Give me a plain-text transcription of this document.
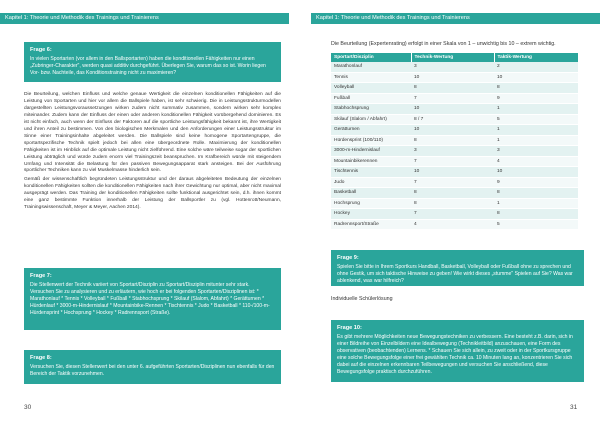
Kapitel 1: Theorie und Methodik des Trainings und Trainierens
Frage 6:
In vielen Sportarten (vor allem in den Ballsportarten) haben die konditionellen Fähigkeiten nur einen „Zubringer-Charakter", werden quasi additiv durchgeführt. Überlegen Sie, warum das so ist. Worin liegen Vor- bzw. Nachteile, das Konditionstraining nicht zu maximieren?

Die Beurteilung, welchen Einfluss und welche genaue Wertigkeit die einzelnen konditionellen Fähigkeiten auf die Leistung von Sportarten und hier vor allem die Ballspiele haben, ist sehr schwierig. Die in Leistungsstrukturmodellen dargestellten Leistungsvoraussetzungen wirken zudem nicht summativ zusammen, sondern wirken sehr komplex miteinander. Zudem kann der Einfluss der einen oder anderen konditionellen Fähigkeit vorübergehend dominieren. Es ist nicht einfach, auch wenn der Einfluss der Faktoren auf die sportliche Leistungsfähigkeit bekannt ist, ihre Wertigkeit und ihren Anteil zu bestimmen. Von den biologischen Merkmalen und den Anforderungen einer Leistungsstruktur im Sinne einer Trainingsinhalte abgeleitet werden. Die Ballspiele sind keine homogene Sportartengruppe, die sportartspezifische Technik spielt jedoch bei allen eine übergeordnete Rolle. Maximierung der konditionellen Fähigkeiten ist im Hinblick auf die optimale Leistung nicht zielführend. Eine solche wäre teilweise sogar der sportlichen Leistung abträglich und würde zudem enorm viel Trainingszeit beanspruchen. Im Krafbereich würde mit steigendem Umfang und Intensität die Belastung für den passiven Bewegungsapparat stark ansteigen. Bei der Ausführung sportlicher Techniken kann zu viel Muskelmasse hinderlich sein.

Gemäß der wissenschaftlich begründeten Leistungsstruktur und der daraus abgeleiteten Bedeutung der einzelnen konditionellen Fähigkeiten sollten die konditionellen Fähigkeiten nach ihrer Gewichtung nur optimal, aber nicht maximal ausgeprägt werden. Das Training der konditionellen Fähigkeiten sollte funktional ausgerichtet sein, d.h. ihnen kommt eine ganz bestimmte Funktion innerhalb der Leistung der Ballsportler zu (vgl. Hottenrott/Neumann, Trainingswissenschaft, Meyer & Meyer, Aachen 2014).

Frage 7:
Die Stellenwert der Technik variiert von Sportart/Disziplin zu Sportart/Disziplin mitunter sehr stark. Versuchen Sie zu analysieren und zu erläutern, wie hoch er bei folgenden Sportarten/Disziplinen ist: * Marathonlauf * Tennis * Volleyball * Fußball * Stabhochsprung * Skilauf (Slalom, Abfahrt) * Gerätturnen * Hürdenlauf * 3000-m-Hindernislauf * Mountainbike-Rennen * Tischtennis * Judo * Basketball * 110-/100-m- Hürdensprint * Hochsprung * Hockey * Radrennsport (Straße).
Frage 8:
Versuchen Sie, diesen Stellenwert bei den unter 6. aufgeführten Sportarten/Disziplinen nun ebenfalls für den Bereich der Taktik vorzunehmen.
30
Kapitel 1: Theorie und Methodik des Trainings und Trainierens
Die Beurteilung (Expertenrating) erfolgt in einer Skala von 1 – unwichtig bis 10 – extrem wichtig.
Sportart/Disziplin	Technik-Wertung	Taktik-Wertung
Marathonlauf	3	2
Tennis	10	10
Volleyball	8	8
Fußball	7	9
Stabhochsprung	10	1
Skilauf (Slalom / Abfahrt)	8 / 7	5
Gerätturnen	10	1
Hürdensprint (100/110)	8	1
3000-m-Hindernislauf	3	3
Mountainbikerennen	7	4
Tischtennis	10	10
Judo	7	9
Basketball	8	8
Hochsprung	8	1
Hockey	7	8
Radrennsport/Straße	4	5
Frage 9:
Spielen Sie bitte in Ihrem Sportkurs Handball, Basketball, Volleyball oder Fußball ohne zu sprechen und ohne Gestik, um sich taktische Hinweise zu geben! Wie wirkt dieses „stumme" Spielen auf Sie? Was war ablenkend, was war hilfreich?
Individuelle Schülerlösung
Frage 10:
Es gibt mehrere Möglichkeiten neue Bewegungstechniken zu verbessern. Eine besteht z.B. darin, sich in einer Bildreihe von Einzelbildern eine Idealbewegung (Technikleitbild) anzuschauen, eine Form des observativen (beobachtenden) Lernens. * Schauen Sie sich allein, zu zweit oder in der Sportkursgruppe eine solche Bewegungsfolge einer frei gewählten Technik ca. 10 Minuten lang an, konzentrieren Sie sich dabei auf die einzelnen erkennbaren Teilbewegungen und versuchen Sie anschließend, diese Bewegungsfolge praktisch durchzuführen.
31
